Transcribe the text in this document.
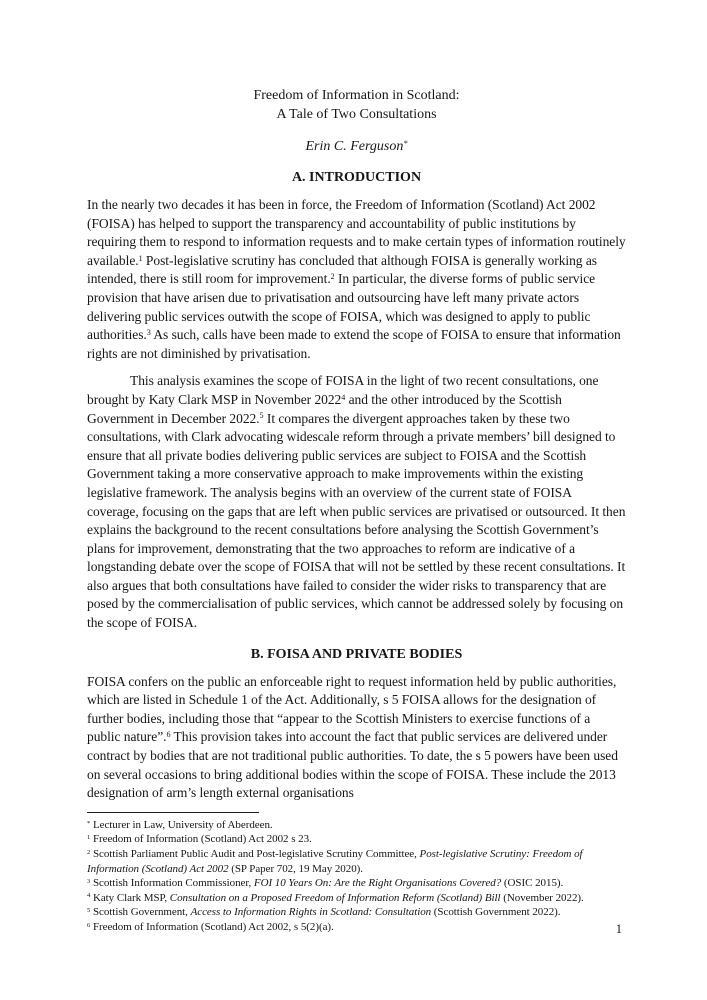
Freedom of Information in Scotland:
A Tale of Two Consultations
Erin C. Ferguson*
A. INTRODUCTION

In the nearly two decades it has been in force, the Freedom of Information (Scotland) Act 2002 (FOISA) has helped to support the transparency and accountability of public institutions by requiring them to respond to information requests and to make certain types of information routinely available.$^1$ Post-legislative scrutiny has concluded that although FOISA is generally working as intended, there is still room for improvement.$^2$ In particular, the diverse forms of public service provision that have arisen due to privatisation and outsourcing have left many private actors delivering public services outwith the scope of FOISA, which was designed to apply to public authorities.$^3$ As such, calls have been made to extend the scope of FOISA to ensure that information rights are not diminished by privatisation.

This analysis examines the scope of FOISA in the light of two recent consultations, one brought by Katy Clark MSP in November 2022$^4$ and the other introduced by the Scottish Government in December 2022.$^5$ It compares the divergent approaches taken by these two consultations, with Clark advocating widescale reform through a private members’ bill designed to ensure that all private bodies delivering public services are subject to FOISA and the Scottish Government taking a more conservative approach to make improvements within the existing legislative framework. The analysis begins with an overview of the current state of FOISA coverage, focusing on the gaps that are left when public services are privatised or outsourced. It then explains the background to the recent consultations before analysing the Scottish Government’s plans for improvement, demonstrating that the two approaches to reform are indicative of a longstanding debate over the scope of FOISA that will not be settled by these recent consultations. It also argues that both consultations have failed to consider the wider risks to transparency that are posed by the commercialisation of public services, which cannot be addressed solely by focusing on the scope of FOISA.

B. FOISA AND PRIVATE BODIES

FOISA confers on the public an enforceable right to request information held by public authorities, which are listed in Schedule 1 of the Act. Additionally, s 5 FOISA allows for the designation of further bodies, including those that “appear to the Scottish Ministers to exercise functions of a public nature”.$^6$ This provision takes into account the fact that public services are delivered under contract by bodies that are not traditional public authorities. To date, the s 5 powers have been used on several occasions to bring additional bodies within the scope of FOISA. These include the 2013 designation of arm’s length external organisations

* Lecturer in Law, University of Aberdeen.
$^1$ Freedom of Information (Scotland) Act 2002 s 23.
$^2$ Scottish Parliament Public Audit and Post-legislative Scrutiny Committee, Post-legislative Scrutiny: Freedom of Information (Scotland) Act 2002 (SP Paper 702, 19 May 2020).
$^3$ Scottish Information Commissioner, FOI 10 Years On: Are the Right Organisations Covered? (OSIC 2015).
$^4$ Katy Clark MSP, Consultation on a Proposed Freedom of Information Reform (Scotland) Bill (November 2022).
$^5$ Scottish Government, Access to Information Rights in Scotland: Consultation (Scottish Government 2022).
$^6$ Freedom of Information (Scotland) Act 2002, s 5(2)(a).	1
